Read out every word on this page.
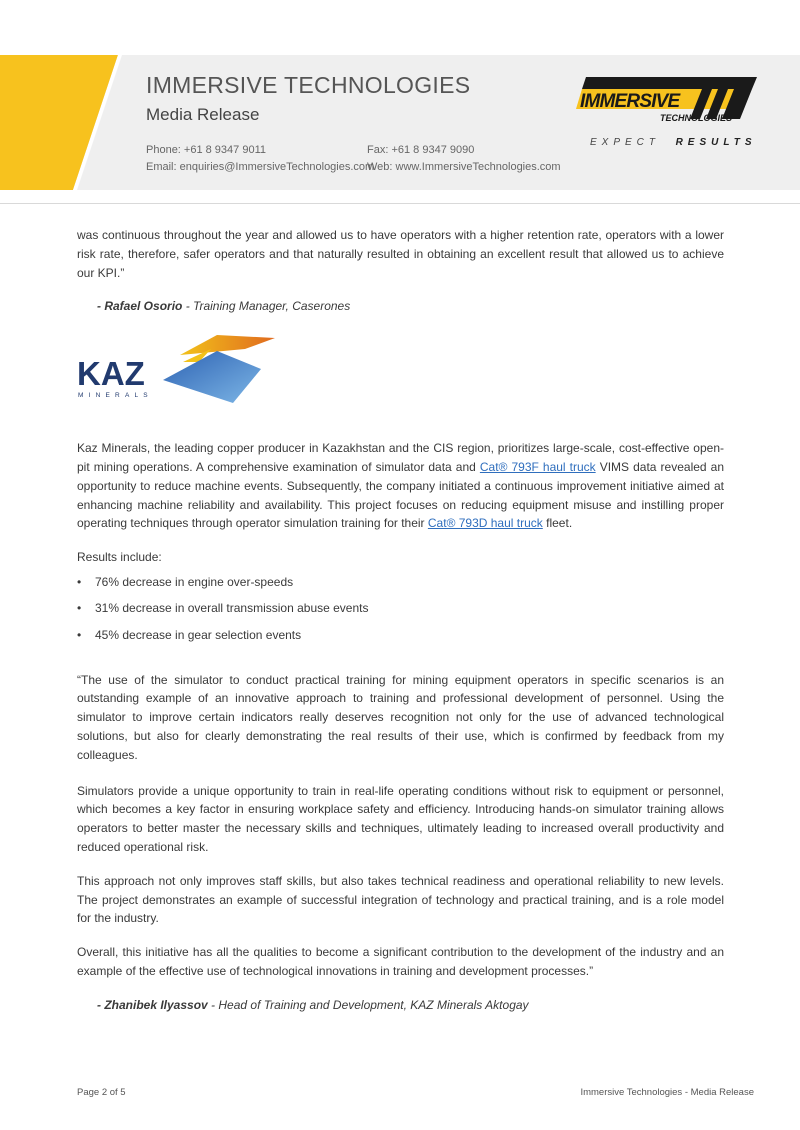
IMMERSIVE TECHNOLOGIES
Media Release
Phone: +61 8 9347 9011
Email: enquiries@ImmersiveTechnologies.com
Fax: +61 8 9347 9090
Web: www.ImmersiveTechnologies.com
IMMERSIVE
TECHNOLOGIES
EXPECT RESULTS

was continuous throughout the year and allowed us to have operators with a higher retention rate, operators with a lower risk rate, therefore, safer operators and that naturally resulted in obtaining an excellent result that allowed us to achieve our KPI.”

- Rafael Osorio - Training Manager, Caserones
KAZ
MINERALS

Kaz Minerals, the leading copper producer in Kazakhstan and the CIS region, prioritizes large-scale, cost-effective open-pit mining operations. A comprehensive examination of simulator data and Cat® 793F haul truck VIMS data revealed an opportunity to reduce machine events. Subsequently, the company initiated a continuous improvement initiative aimed at enhancing machine reliability and availability. This project focuses on reducing equipment misuse and instilling proper operating techniques through operator simulation training for their Cat® 793D haul truck fleet.

Results include:

• 76% decrease in engine over-speeds
• 31% decrease in overall transmission abuse events
• 45% decrease in gear selection events

“The use of the simulator to conduct practical training for mining equipment operators in specific scenarios is an outstanding example of an innovative approach to training and professional development of personnel. Using the simulator to improve certain indicators really deserves recognition not only for the use of advanced technological solutions, but also for clearly demonstrating the real results of their use, which is confirmed by feedback from my colleagues.

Simulators provide a unique opportunity to train in real-life operating conditions without risk to equipment or personnel, which becomes a key factor in ensuring workplace safety and efficiency. Introducing hands-on simulator training allows operators to better master the necessary skills and techniques, ultimately leading to increased overall productivity and reduced operational risk.

This approach not only improves staff skills, but also takes technical readiness and operational reliability to new levels. The project demonstrates an example of successful integration of technology and practical training, and is a role model for the industry.

Overall, this initiative has all the qualities to become a significant contribution to the development of the industry and an example of the effective use of technological innovations in training and development processes.”

- Zhanibek Ilyassov - Head of Training and Development, KAZ Minerals Aktogay
Page 2 of 5	Immersive Technologies - Media Release
